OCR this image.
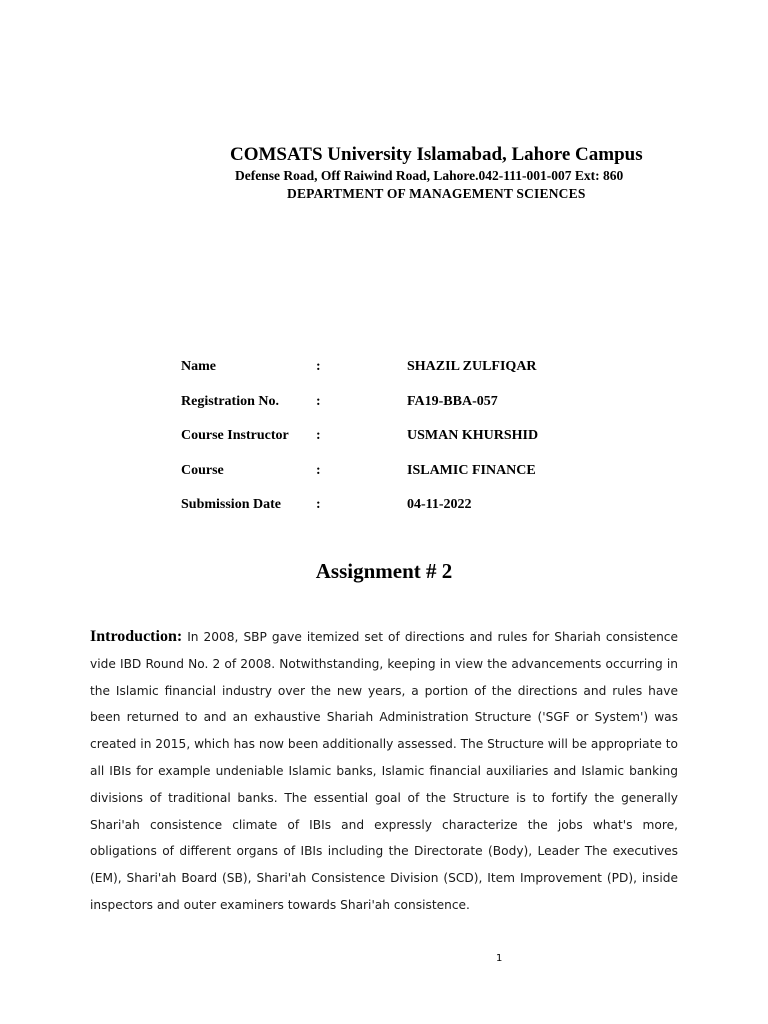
COMSATS University Islamabad, Lahore Campus
Defense Road, Off Raiwind Road, Lahore.042-111-001-007 Ext: 860
DEPARTMENT OF MANAGEMENT SCIENCES
Name	:	SHAZIL ZULFIQAR
Registration No.	:	FA19-BBA-057
Course Instructor :	USMAN KHURSHID
Course	:	ISLAMIC FINANCE
Submission Date	:	04-11-2022
Assignment # 2

Introduction: In 2008, SBP gave itemized set of directions and rules for Shariah consistence vide IBD Round No. 2 of 2008. Notwithstanding, keeping in view the advancements occurring in the Islamic financial industry over the new years, a portion of the directions and rules have been returned to and an exhaustive Shariah Administration Structure ('SGF or System') was created in 2015, which has now been additionally assessed. The Structure will be appropriate to all IBIs for example undeniable Islamic banks, Islamic financial auxiliaries and Islamic banking divisions of traditional banks. The essential goal of the Structure is to fortify the generally Shari'ah consistence climate of IBIs and expressly characterize the jobs what's more, obligations of different organs of IBIs including the Directorate (Body), Leader The executives (EM), Shari'ah Board (SB), Shari'ah Consistence Division (SCD), Item Improvement (PD), inside inspectors and outer examiners towards Shari'ah consistence.

1
